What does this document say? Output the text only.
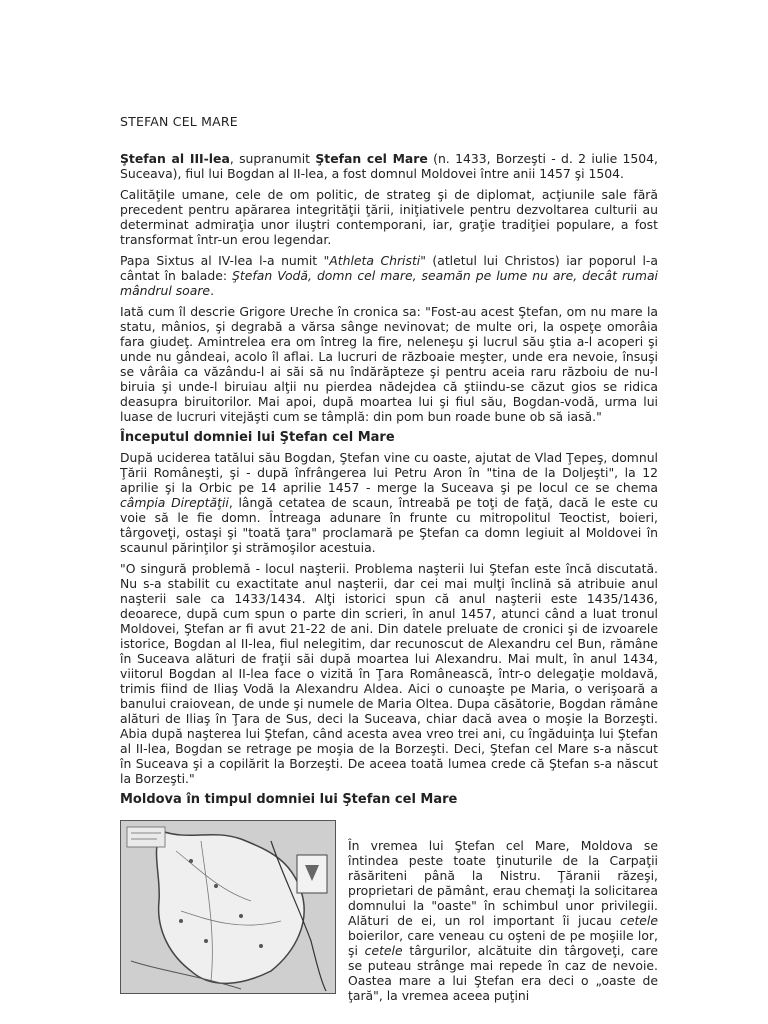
STEFAN CEL MARE

Ştefan al III-lea, supranumit Ştefan cel Mare (n. 1433, Borzeşti - d. 2 iulie 1504, Suceava), fiul lui Bogdan al II-lea, a fost domnul Moldovei între anii 1457 şi 1504.

Calităţile umane, cele de om politic, de strateg şi de diplomat, acţiunile sale fără precedent pentru apărarea integrităţii ţării, iniţiativele pentru dezvoltarea culturii au determinat admiraţia unor iluştri contemporani, iar, graţie tradiţiei populare, a fost transformat într-un erou legendar.

Papa Sixtus al IV-lea l-a numit "Athleta Christi" (atletul lui Christos) iar poporul l-a cântat în balade: Ştefan Vodă, domn cel mare, seamăn pe lume nu are, decât rumai mândrul soare.

Iată cum îl descrie Grigore Ureche în cronica sa: "Fost-au acest Ştefan, om nu mare la statu, mânios, şi degrabă a vărsa sânge nevinovat; de multe ori, la ospeţe omorâia fara giudeţ. Amintrelea era om întreg la fire, neleneşu şi lucrul său ştia a-l acoperi şi unde nu gândeai, acolo îl aflai. La lucruri de războaie meşter, unde era nevoie, însuşi se vârâia ca văzându-l ai săi să nu îndărăpteze şi pentru aceia raru războiu de nu-l biruia şi unde-l biruiau alţii nu pierdea nădejdea că ştiindu-se căzut gios se ridica deasupra biruitorilor. Mai apoi, după moartea lui şi fiul său, Bogdan-vodă, urma lui luase de lucruri vitejăşti cum se tâmplă: din pom bun roade bune ob să iasă."

Începutul domniei lui Ştefan cel Mare

După uciderea tatălui său Bogdan, Ştefan vine cu oaste, ajutat de Vlad Ţepeş, domnul Ţării Româneşti, şi - după înfrângerea lui Petru Aron în "tina de la Doljeşti", la 12 aprilie şi la Orbic pe 14 aprilie 1457 - merge la Suceava şi pe locul ce se chema câmpia Direptăţii, lângă cetatea de scaun, întreabă pe toţi de faţă, dacă le este cu voie să le fie domn. Întreaga adunare în frunte cu mitropolitul Teoctist, boieri, târgoveţi, ostaşi şi "toată ţara" proclamară pe Ştefan ca domn legiuit al Moldovei în scaunul părinţilor şi strămoşilor acestuia.

"O singură problemă - locul naşterii. Problema naşterii lui Ştefan este încă discutată. Nu s-a stabilit cu exactitate anul naşterii, dar cei mai mulţi înclină să atribuie anul naşterii sale ca 1433/1434. Alţi istorici spun că anul naşterii este 1435/1436, deoarece, după cum spun o parte din scrieri, în anul 1457, atunci când a luat tronul Moldovei, Ştefan ar fi avut 21-22 de ani. Din datele preluate de cronici şi de izvoarele istorice, Bogdan al II-lea, fiul nelegitim, dar recunoscut de Alexandru cel Bun, rămâne în Suceava alături de fraţii săi după moartea lui Alexandru. Mai mult, în anul 1434, viitorul Bogdan al II-lea face o vizită în Ţara Românească, într-o delegaţie moldavă, trimis fiind de Iliaş Vodă la Alexandru Aldea. Aici o cunoaşte pe Maria, o verişoară a banului craiovean, de unde şi numele de Maria Oltea. Dupa căsătorie, Bogdan rămâne alături de Iliaş în Ţara de Sus, deci la Suceava, chiar dacă avea o moşie la Borzeşti. Abia după naşterea lui Ştefan, când acesta avea vreo trei ani, cu îngăduinţa lui Ştefan al II-lea, Bogdan se retrage pe moşia de la Borzeşti. Deci, Ştefan cel Mare s-a născut în Suceava şi a copilărit la Borzeşti. De aceea toată lumea crede că Ştefan s-a născut la Borzeşti."

Moldova în timpul domniei lui Ştefan cel Mare

În vremea lui Ştefan cel Mare, Moldova se întindea peste toate ţinuturile de la Carpaţii răsăriteni până la Nistru. Ţăranii răzeşi, proprietari de pământ, erau chemaţi la solicitarea domnului la "oaste" în schimbul unor privilegii. Alături de ei, un rol important îi jucau cetele boierilor, care veneau cu oşteni de pe moşiile lor, şi cetele târgurilor, alcătuite din târgoveţi, care se puteau strânge mai repede în caz de nevoie. Oastea mare a lui Ştefan era deci o „oaste de ţară", la vremea aceea puţini
